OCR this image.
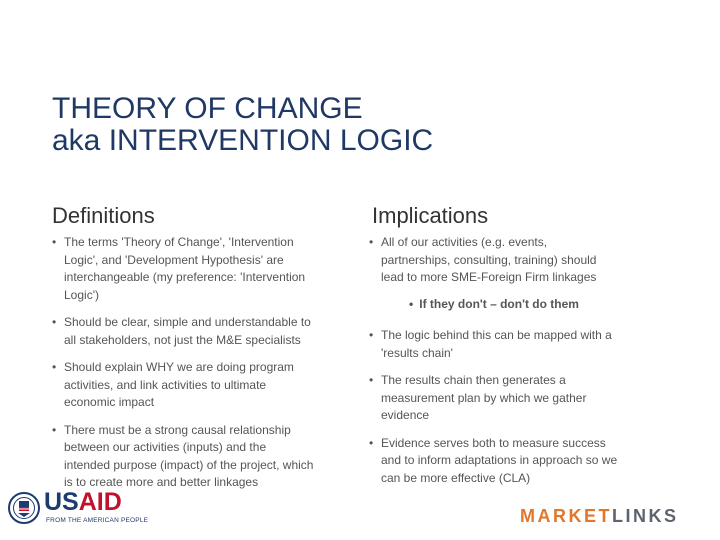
THEORY OF CHANGE
aka INTERVENTION LOGIC
Definitions
• The terms 'Theory of Change', 'Intervention Logic', and 'Development Hypothesis' are interchangeable (my preference: 'Intervention Logic')
• Should be clear, simple and understandable to all stakeholders, not just the M&E specialists
• Should explain WHY we are doing program activities, and link activities to ultimate economic impact
• There must be a strong causal relationship between our activities (inputs) and the intended purpose (impact) of the project, which is to create more and better linkages
Implications
• All of our activities (e.g. events, partnerships, consulting, training) should lead to more SME-Foreign Firm linkages
• If they don't – don't do them
• The logic behind this can be mapped with a 'results chain'
• The results chain then generates a measurement plan by which we gather evidence
• Evidence serves both to measure success and to inform adaptations in approach so we can be more effective (CLA)
USAID
FROM THE AMERICAN PEOPLE	MARKETLINKS
